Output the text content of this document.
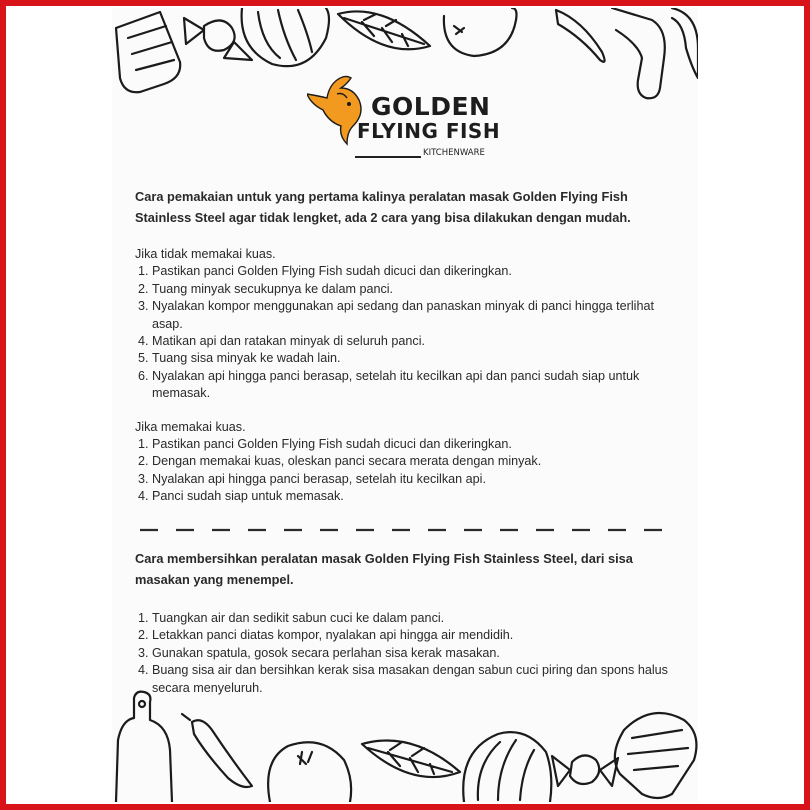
GOLDEN
FLYING FISH
KITCHENWARE

Cara pemakaian untuk yang pertama kalinya peralatan masak Golden Flying Fish Stainless Steel agar tidak lengket, ada 2 cara yang bisa dilakukan dengan mudah.

Jika tidak memakai kuas.

1. Pastikan panci Golden Flying Fish sudah dicuci dan dikeringkan.
2. Tuang minyak secukupnya ke dalam panci.
3. Nyalakan kompor menggunakan api sedang dan panaskan minyak di panci hingga terlihat asap.
4. Matikan api dan ratakan minyak di seluruh panci.
5. Tuang sisa minyak ke wadah lain.
6. Nyalakan api hingga panci berasap, setelah itu kecilkan api dan panci sudah siap untuk memasak.

Jika memakai kuas.

1. Pastikan panci Golden Flying Fish sudah dicuci dan dikeringkan.
2. Dengan memakai kuas, oleskan panci secara merata dengan minyak.
3. Nyalakan api hingga panci berasap, setelah itu kecilkan api.
4. Panci sudah siap untuk memasak.

Cara membersihkan peralatan masak Golden Flying Fish Stainless Steel, dari sisa masakan yang menempel.

1. Tuangkan air dan sedikit sabun cuci ke dalam panci.
2. Letakkan panci diatas kompor, nyalakan api hingga air mendidih.
3. Gunakan spatula, gosok secara perlahan sisa kerak masakan.
4. Buang sisa air dan bersihkan kerak sisa masakan dengan sabun cuci piring dan spons halus secara menyeluruh.
